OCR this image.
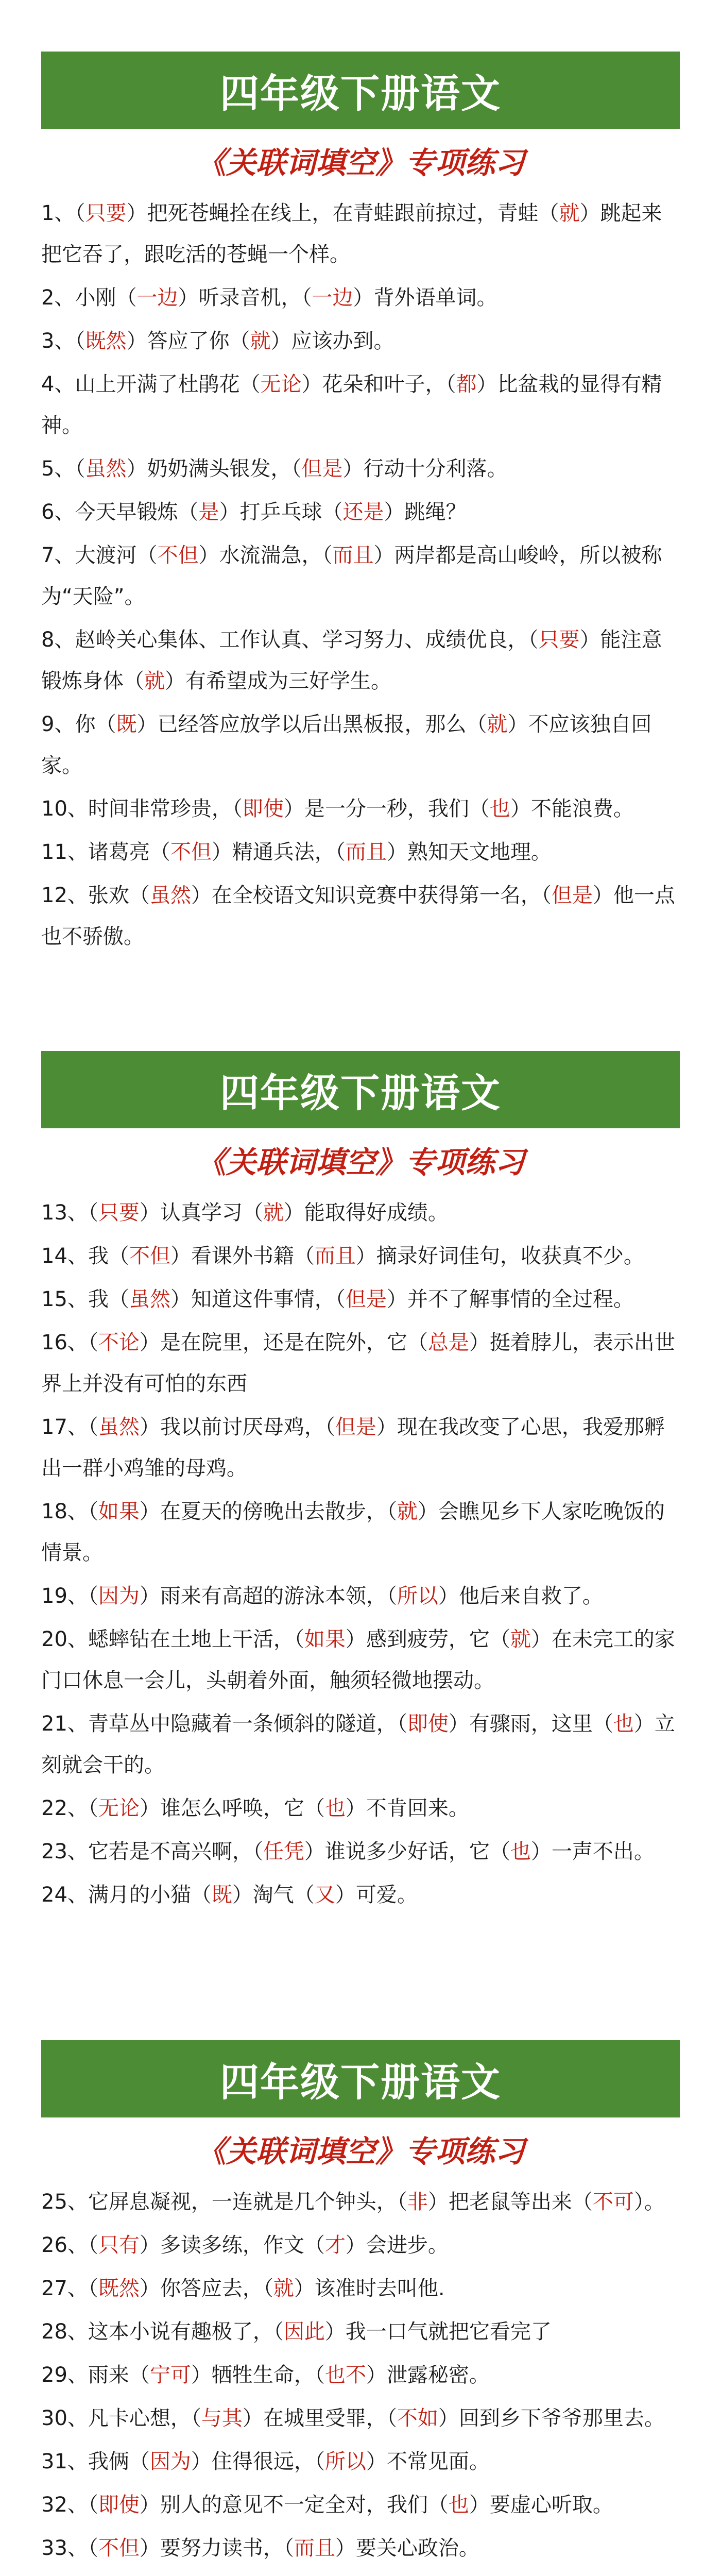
四年级下册语文
《关联词填空》专项练习
1、（只要）把死苍蝇拴在线上，在青蛙跟前掠过，青蛙（就）跳起来把它吞了，跟吃活的苍蝇一个样。
2、小刚（一边）听录音机，（一边）背外语单词。
3、（既然）答应了你（就）应该办到。
4、山上开满了杜鹃花（无论）花朵和叶子，（都）比盆栽的显得有精神。
5、（虽然）奶奶满头银发，（但是）行动十分利落。
6、今天早锻炼（是）打乒乓球（还是）跳绳？
7、大渡河（不但）水流湍急，（而且）两岸都是高山峻岭，所以被称为“天险”。
8、赵岭关心集体、工作认真、学习努力、成绩优良，（只要）能注意锻炼身体（就）有希望成为三好学生。
9、你（既）已经答应放学以后出黑板报，那么（就）不应该独自回家。
10、时间非常珍贵，（即使）是一分一秒，我们（也）不能浪费。
11、诸葛亮（不但）精通兵法，（而且）熟知天文地理。
12、张欢（虽然）在全校语文知识竞赛中获得第一名，（但是）他一点也不骄傲。
四年级下册语文
《关联词填空》专项练习
13、（只要）认真学习（就）能取得好成绩。
14、我（不但）看课外书籍（而且）摘录好词佳句，收获真不少。
15、我（虽然）知道这件事情，（但是）并不了解事情的全过程。
16、（不论）是在院里，还是在院外，它（总是）挺着脖儿，表示出世界上并没有可怕的东西
17、（虽然）我以前讨厌母鸡，（但是）现在我改变了心思，我爱那孵出一群小鸡雏的母鸡。
18、（如果）在夏天的傍晚出去散步，（就）会瞧见乡下人家吃晚饭的情景。
19、（因为）雨来有高超的游泳本领，（所以）他后来自救了。
20、蟋蟀钻在土地上干活，（如果）感到疲劳，它（就）在未完工的家门口休息一会儿，头朝着外面，触须轻微地摆动。
21、青草丛中隐藏着一条倾斜的隧道，（即使）有骤雨，这里（也）立刻就会干的。
22、（无论）谁怎么呼唤，它（也）不肯回来。
23、它若是不高兴啊，（任凭）谁说多少好话，它（也）一声不出。
24、满月的小猫（既）淘气（又）可爱。
四年级下册语文
《关联词填空》专项练习
25、它屏息凝视，一连就是几个钟头，（非）把老鼠等出来（不可）。
26、（只有）多读多练，作文（才）会进步。
27、（既然）你答应去，（就）该准时去叫他.
28、这本小说有趣极了，（因此）我一口气就把它看完了
29、雨来（宁可）牺牲生命，（也不）泄露秘密。
30、凡卡心想，（与其）在城里受罪，（不如）回到乡下爷爷那里去。
31、我俩（因为）住得很远，（所以）不常见面。
32、（即使）别人的意见不一定全对，我们（也）要虚心听取。
33、（不但）要努力读书，（而且）要关心政治。
